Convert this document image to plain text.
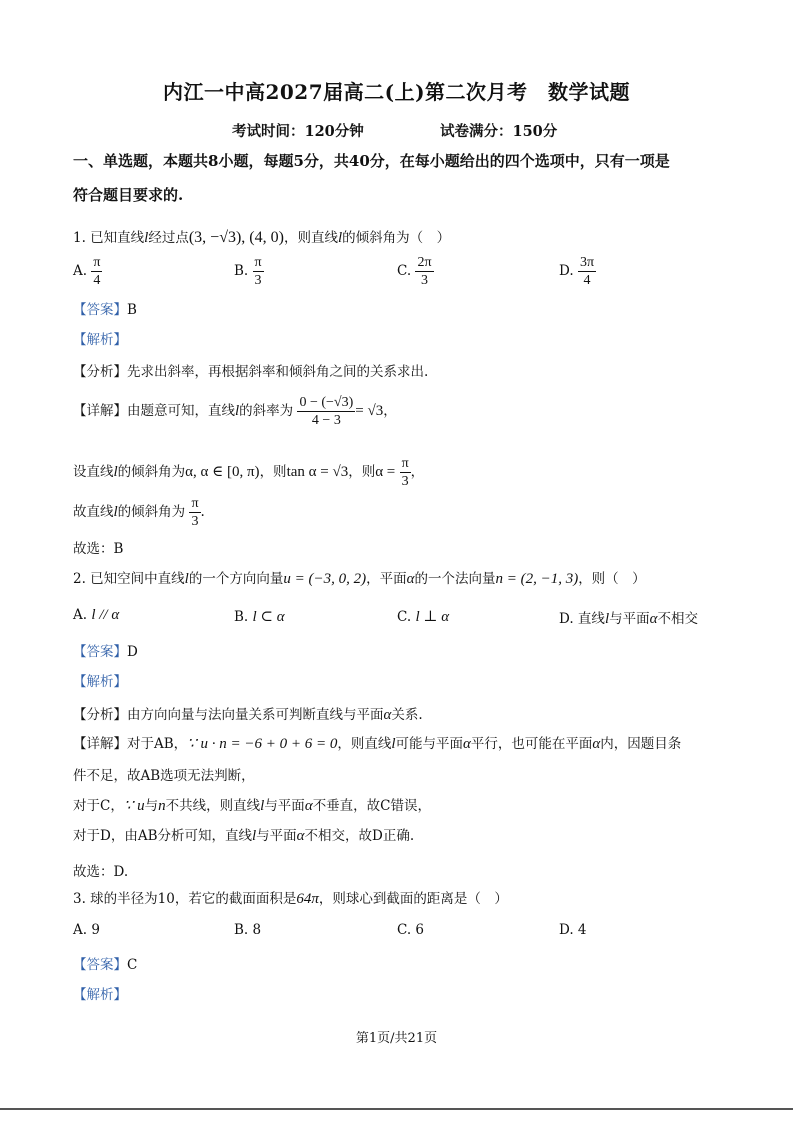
内江一中高2027届高二(上)第二次月考　数学试题
考试时间：120分钟	试卷满分：150分
一、单选题，本题共8小题，每题5分，共40分，在每小题给出的四个选项中，只有一项是
符合题目要求的.
1. 已知直线l经过点(3, −√3), (4, 0)，则直线l的倾斜角为（　）
A. $\frac{\pi}{4}$	B. $\frac{\pi}{3}$	C. $\frac{2\pi}{3}$	D. $\frac{3\pi}{4}$
【答案】B
【解析】
【分析】先求出斜率，再根据斜率和倾斜角之间的关系求出.
【详解】由题意可知，直线l的斜率为 $\frac{0 - (-√3)}{4 - 3} = √3$，
设直线l的倾斜角为α, α ∈ [0, π)，则tan α = √3，则$\alpha = \frac{\pi}{3}$ ，
故直线l的倾斜角为 $\frac{\pi}{3}$ .
故选：B
2. 已知空间中直线l的一个方向向量u = (−3, 0, 2)，平面α的一个法向量n = (2, −1, 3)，则（　）
A. l // α	B. l ⊂ α	C. l ⊥ α	D. 直线l与平面α不相交
【答案】D
【解析】
【分析】由方向向量与法向量关系可判断直线与平面α关系.
【详解】对于AB，∵ u · n = −6 + 0 + 6 = 0，则直线l可能与平面α平行，也可能在平面α内，因题目条
件不足，故AB选项无法判断，
对于C，∵ u与n不共线，则直线l与平面α不垂直，故C错误，
对于D，由AB分析可知，直线l与平面α不相交，故D正确.
故选：D.
3. 球的半径为10，若它的截面面积是64π，则球心到截面的距离是（　）
A. 9	B. 8	C. 6	D. 4
【答案】C
【解析】
第1页/共21页
